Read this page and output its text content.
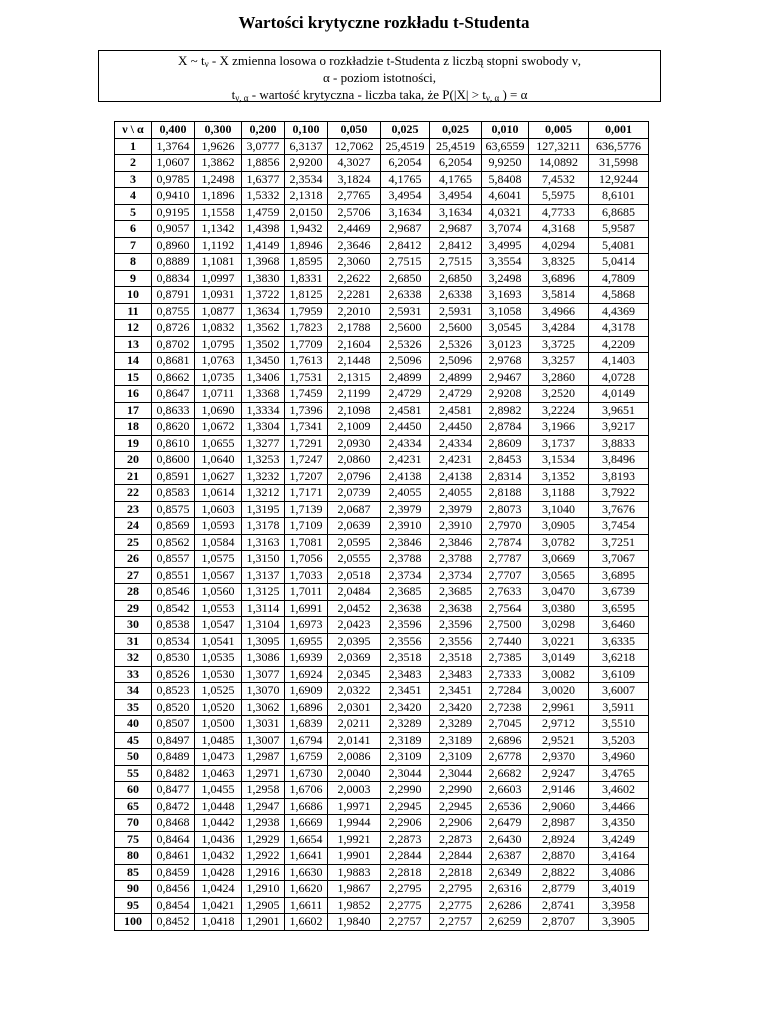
Wartości krytyczne rozkładu t-Studenta
X ~ $t_\nu$ - X zmienna losowa o rozkładzie t-Studenta z liczbą stopni swobody ν,
α - poziom istotności,
$t_{\nu, \alpha}$ - wartość krytyczna - liczba taka, że $P(|X| > t_{\nu, \alpha}$ ) = α
ν \ α	0,400	0,300	0,200	0,100	0,050	0,025	0,025	0,010	0,005	0,001
1	1,3764	1,9626	3,0777	6,3137	12,7062	25,4519	25,4519	63,6559	127,3211	636,5776
2	1,0607	1,3862	1,8856	2,9200	4,3027	6,2054	6,2054	9,9250	14,0892	31,5998
3	0,9785	1,2498	1,6377	2,3534	3,1824	4,1765	4,1765	5,8408	7,4532	12,9244
4	0,9410	1,1896	1,5332	2,1318	2,7765	3,4954	3,4954	4,6041	5,5975	8,6101
5	0,9195	1,1558	1,4759	2,0150	2,5706	3,1634	3,1634	4,0321	4,7733	6,8685
6	0,9057	1,1342	1,4398	1,9432	2,4469	2,9687	2,9687	3,7074	4,3168	5,9587
7	0,8960	1,1192	1,4149	1,8946	2,3646	2,8412	2,8412	3,4995	4,0294	5,4081
8	0,8889	1,1081	1,3968	1,8595	2,3060	2,7515	2,7515	3,3554	3,8325	5,0414
9	0,8834	1,0997	1,3830	1,8331	2,2622	2,6850	2,6850	3,2498	3,6896	4,7809
10	0,8791	1,0931	1,3722	1,8125	2,2281	2,6338	2,6338	3,1693	3,5814	4,5868
11	0,8755	1,0877	1,3634	1,7959	2,2010	2,5931	2,5931	3,1058	3,4966	4,4369
12	0,8726	1,0832	1,3562	1,7823	2,1788	2,5600	2,5600	3,0545	3,4284	4,3178
13	0,8702	1,0795	1,3502	1,7709	2,1604	2,5326	2,5326	3,0123	3,3725	4,2209
14	0,8681	1,0763	1,3450	1,7613	2,1448	2,5096	2,5096	2,9768	3,3257	4,1403
15	0,8662	1,0735	1,3406	1,7531	2,1315	2,4899	2,4899	2,9467	3,2860	4,0728
16	0,8647	1,0711	1,3368	1,7459	2,1199	2,4729	2,4729	2,9208	3,2520	4,0149
17	0,8633	1,0690	1,3334	1,7396	2,1098	2,4581	2,4581	2,8982	3,2224	3,9651
18	0,8620	1,0672	1,3304	1,7341	2,1009	2,4450	2,4450	2,8784	3,1966	3,9217
19	0,8610	1,0655	1,3277	1,7291	2,0930	2,4334	2,4334	2,8609	3,1737	3,8833
20	0,8600	1,0640	1,3253	1,7247	2,0860	2,4231	2,4231	2,8453	3,1534	3,8496
21	0,8591	1,0627	1,3232	1,7207	2,0796	2,4138	2,4138	2,8314	3,1352	3,8193
22	0,8583	1,0614	1,3212	1,7171	2,0739	2,4055	2,4055	2,8188	3,1188	3,7922
23	0,8575	1,0603	1,3195	1,7139	2,0687	2,3979	2,3979	2,8073	3,1040	3,7676
24	0,8569	1,0593	1,3178	1,7109	2,0639	2,3910	2,3910	2,7970	3,0905	3,7454
25	0,8562	1,0584	1,3163	1,7081	2,0595	2,3846	2,3846	2,7874	3,0782	3,7251
26	0,8557	1,0575	1,3150	1,7056	2,0555	2,3788	2,3788	2,7787	3,0669	3,7067
27	0,8551	1,0567	1,3137	1,7033	2,0518	2,3734	2,3734	2,7707	3,0565	3,6895
28	0,8546	1,0560	1,3125	1,7011	2,0484	2,3685	2,3685	2,7633	3,0470	3,6739
29	0,8542	1,0553	1,3114	1,6991	2,0452	2,3638	2,3638	2,7564	3,0380	3,6595
30	0,8538	1,0547	1,3104	1,6973	2,0423	2,3596	2,3596	2,7500	3,0298	3,6460
31	0,8534	1,0541	1,3095	1,6955	2,0395	2,3556	2,3556	2,7440	3,0221	3,6335
32	0,8530	1,0535	1,3086	1,6939	2,0369	2,3518	2,3518	2,7385	3,0149	3,6218
33	0,8526	1,0530	1,3077	1,6924	2,0345	2,3483	2,3483	2,7333	3,0082	3,6109
34	0,8523	1,0525	1,3070	1,6909	2,0322	2,3451	2,3451	2,7284	3,0020	3,6007
35	0,8520	1,0520	1,3062	1,6896	2,0301	2,3420	2,3420	2,7238	2,9961	3,5911
40	0,8507	1,0500	1,3031	1,6839	2,0211	2,3289	2,3289	2,7045	2,9712	3,5510
45	0,8497	1,0485	1,3007	1,6794	2,0141	2,3189	2,3189	2,6896	2,9521	3,5203
50	0,8489	1,0473	1,2987	1,6759	2,0086	2,3109	2,3109	2,6778	2,9370	3,4960
55	0,8482	1,0463	1,2971	1,6730	2,0040	2,3044	2,3044	2,6682	2,9247	3,4765
60	0,8477	1,0455	1,2958	1,6706	2,0003	2,2990	2,2990	2,6603	2,9146	3,4602
65	0,8472	1,0448	1,2947	1,6686	1,9971	2,2945	2,2945	2,6536	2,9060	3,4466
70	0,8468	1,0442	1,2938	1,6669	1,9944	2,2906	2,2906	2,6479	2,8987	3,4350
75	0,8464	1,0436	1,2929	1,6654	1,9921	2,2873	2,2873	2,6430	2,8924	3,4249
80	0,8461	1,0432	1,2922	1,6641	1,9901	2,2844	2,2844	2,6387	2,8870	3,4164
85	0,8459	1,0428	1,2916	1,6630	1,9883	2,2818	2,2818	2,6349	2,8822	3,4086
90	0,8456	1,0424	1,2910	1,6620	1,9867	2,2795	2,2795	2,6316	2,8779	3,4019
95	0,8454	1,0421	1,2905	1,6611	1,9852	2,2775	2,2775	2,6286	2,8741	3,3958
100	0,8452	1,0418	1,2901	1,6602	1,9840	2,2757	2,2757	2,6259	2,8707	3,3905
